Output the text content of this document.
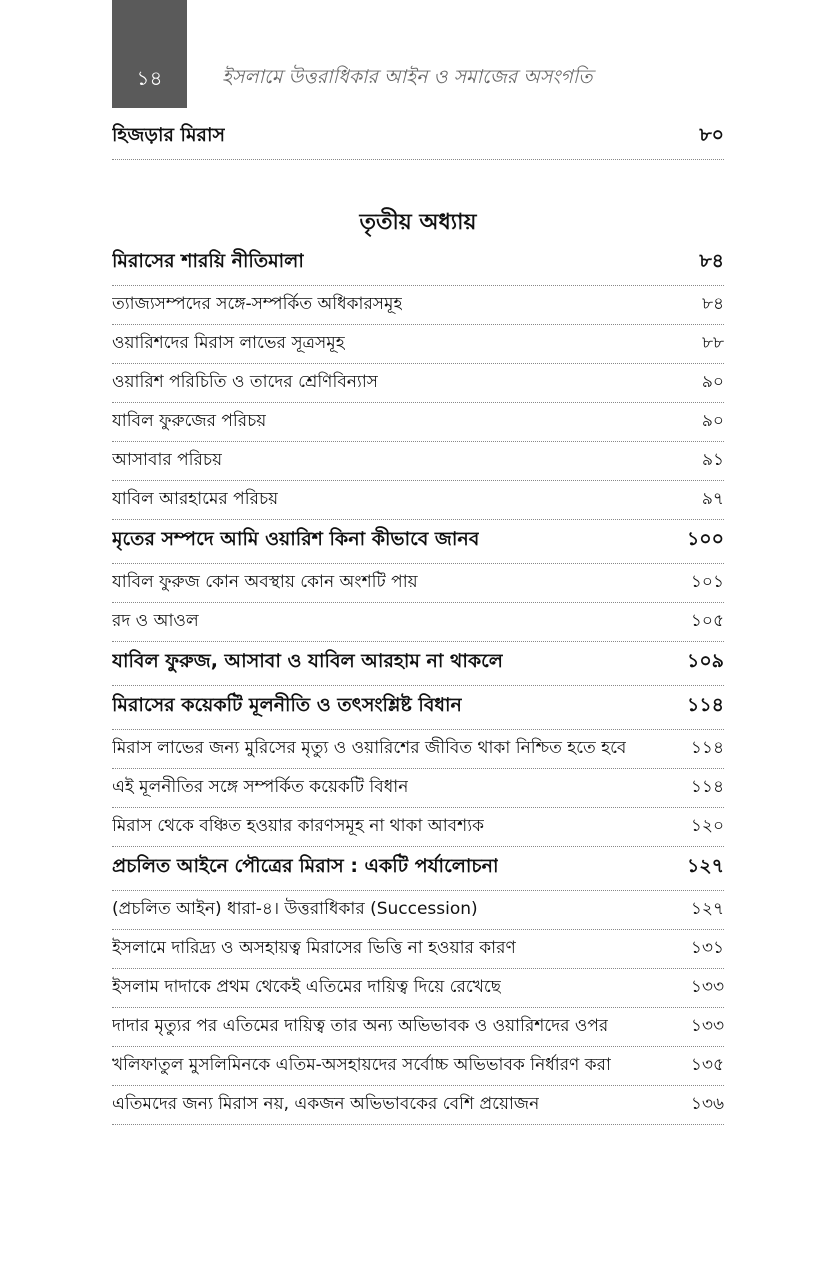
১৪	ইসলামে উত্তরাধিকার আইন ও সমাজের অসংগতি
হিজড়ার মিরাস	৮০
তৃতীয় অধ্যায়
মিরাসের শারয়ি নীতিমালা	৮৪
ত্যাজ্যসম্পদের সঙ্গে-সম্পর্কিত অধিকারসমূহ	৮৪
ওয়ারিশদের মিরাস লাভের সূত্রসমূহ	৮৮
ওয়ারিশ পরিচিতি ও তাদের শ্রেণিবিন্যাস	৯০
যাবিল ফুরুজের পরিচয়	৯০
আসাবার পরিচয়	৯১
যাবিল আরহামের পরিচয়	৯৭
মৃতের সম্পদে আমি ওয়ারিশ কিনা কীভাবে জানব	১০০
যাবিল ফুরুজ কোন অবস্থায় কোন অংশটি পায়	১০১
রদ ও আওল	১০৫
যাবিল ফুরুজ, আসাবা ও যাবিল আরহাম না থাকলে	১০৯
মিরাসের কয়েকটি মূলনীতি ও তৎসংশ্লিষ্ট বিধান	১১৪
মিরাস লাভের জন্য মুরিসের মৃত্যু ও ওয়ারিশের জীবিত থাকা নিশ্চিত হতে হবে	১১৪
এই মূলনীতির সঙ্গে সম্পর্কিত কয়েকটি বিধান	১১৪
মিরাস থেকে বঞ্চিত হওয়ার কারণসমূহ না থাকা আবশ্যক	১২০
প্রচলিত আইনে পৌত্রের মিরাস : একটি পর্যালোচনা	১২৭
(প্রচলিত আইন) ধারা-৪। উত্তরাধিকার (Succession)	১২৭
ইসলামে দারিদ্র্য ও অসহায়ত্ব মিরাসের ভিত্তি না হওয়ার কারণ	১৩১
ইসলাম দাদাকে প্রথম থেকেই এতিমের দায়িত্ব দিয়ে রেখেছে	১৩৩
দাদার মৃত্যুর পর এতিমের দায়িত্ব তার অন্য অভিভাবক ও ওয়ারিশদের ওপর	১৩৩
খলিফাতুল মুসলিমিনকে এতিম-অসহায়দের সর্বোচ্চ অভিভাবক নির্ধারণ করা	১৩৫
এতিমদের জন্য মিরাস নয়, একজন অভিভাবকের বেশি প্রয়োজন	১৩৬
